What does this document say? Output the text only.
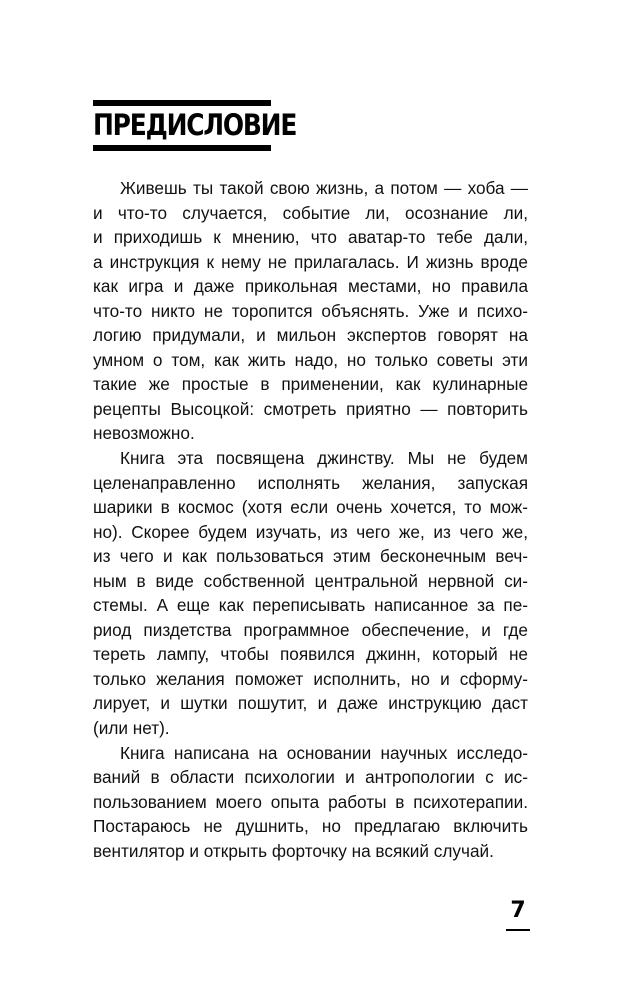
ПРЕДИСЛОВИЕ
Живешь ты такой свою жизнь, а потом — хоба —
и что-то случается, событие ли, осознание ли,
и приходишь к мнению, что аватар-то тебе дали,
а инструкция к нему не прилагалась. И жизнь вроде
как игра и даже прикольная местами, но правила
что-то никто не торопится объяснять. Уже и психо-
логию придумали, и мильон экспертов говорят на
умном о том, как жить надо, но только советы эти
такие же простые в применении, как кулинарные
рецепты Высоцкой: смотреть приятно — повторить
невозможно.
Книга эта посвящена джинству. Мы не будем
целенаправленно исполнять желания, запуская
шарики в космос (хотя если очень хочется, то мож-
но). Скорее будем изучать, из чего же, из чего же,
из чего и как пользоваться этим бесконечным веч-
ным в виде собственной центральной нервной си-
стемы. А еще как переписывать написанное за пе-
риод пиздетства программное обеспечение, и где
тереть лампу, чтобы появился джинн, который не
только желания поможет исполнить, но и сформу-
лирует, и шутки пошутит, и даже инструкцию даст
(или нет).
Книга написана на основании научных исследо-
ваний в области психологии и антропологии с ис-
пользованием моего опыта работы в психотерапии.
Постараюсь не душнить, но предлагаю включить
вентилятор и открыть форточку на всякий случай.
7
